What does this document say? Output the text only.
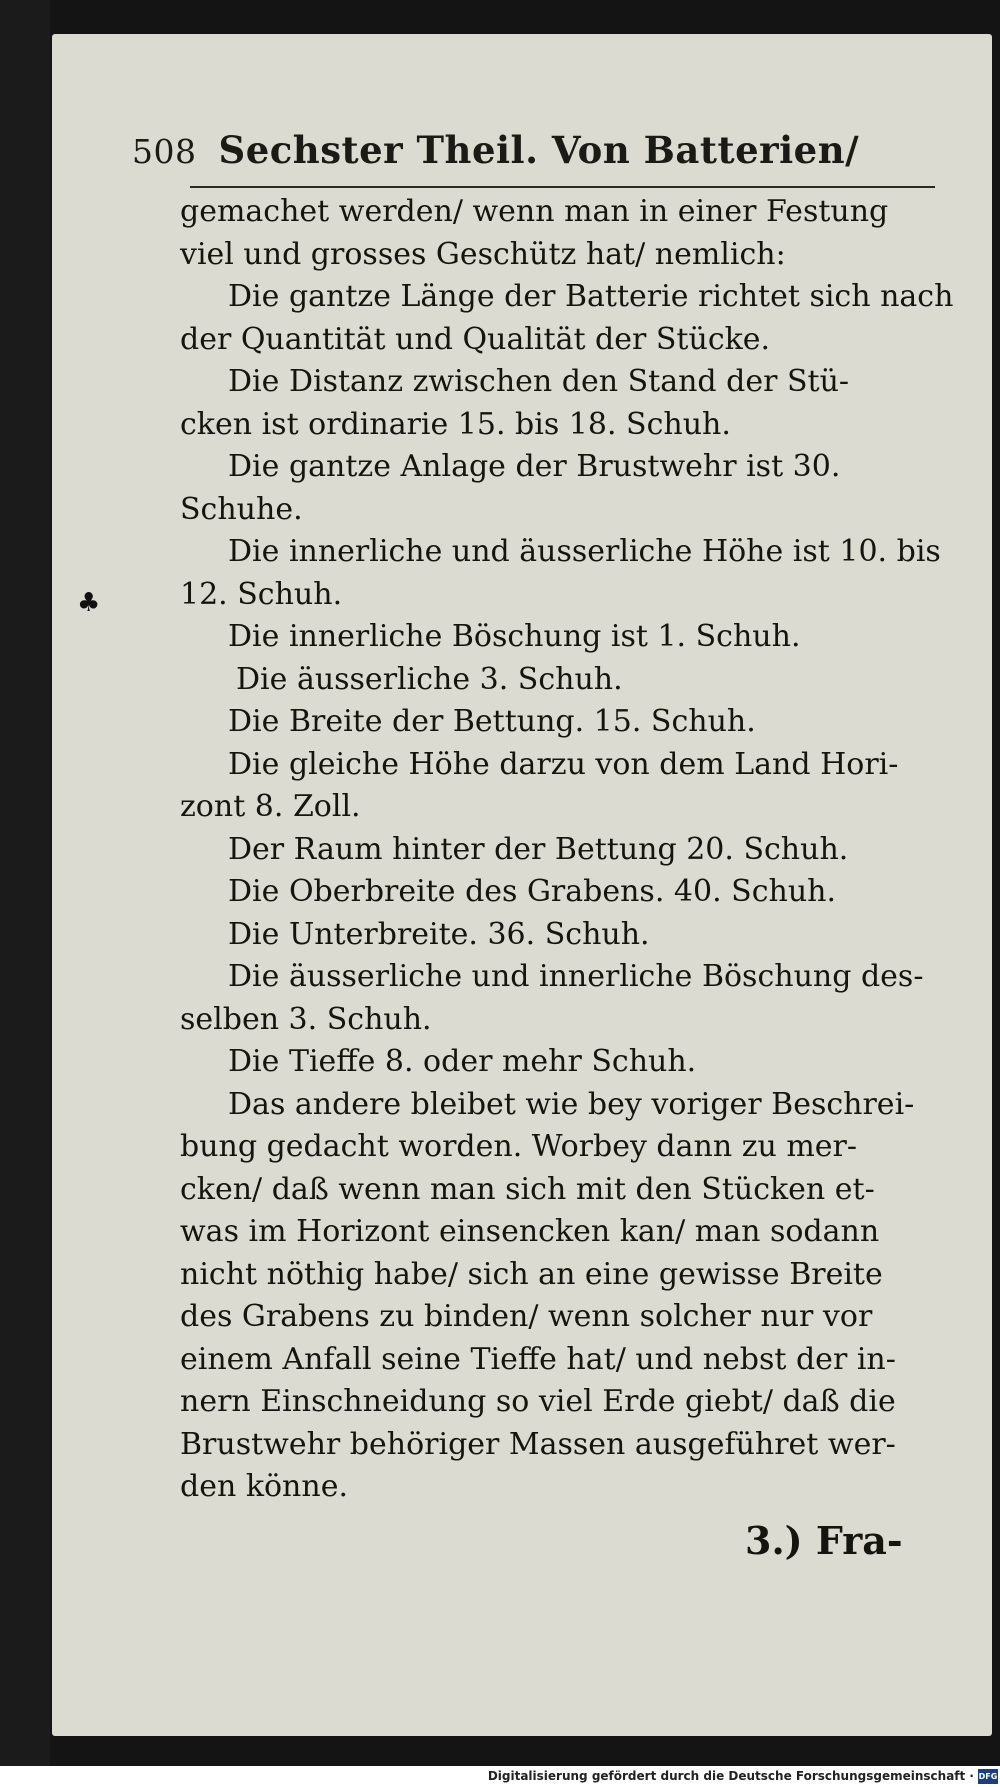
508 Sechster Theil. Von Batterien/
♣
gemachet werden/ wenn man in einer Festung
viel und grosses Geschütz hat/ nemlich:
Die gantze Länge der Batterie richtet sich nach
der Quantität und Qualität der Stücke.
Die Distanz zwischen den Stand der Stü-
cken ist ordinarie 15. bis 18. Schuh.
Die gantze Anlage der Brustwehr ist 30.
Schuhe.
Die innerliche und äusserliche Höhe ist 10. bis
12. Schuh.
Die innerliche Böschung ist 1. Schuh.
Die äusserliche 3. Schuh.
Die Breite der Bettung. 15. Schuh.
Die gleiche Höhe darzu von dem Land Hori-
zont 8. Zoll.
Der Raum hinter der Bettung 20. Schuh.
Die Oberbreite des Grabens. 40. Schuh.
Die Unterbreite. 36. Schuh.
Die äusserliche und innerliche Böschung des-
selben 3. Schuh.
Die Tieffe 8. oder mehr Schuh.
Das andere bleibet wie bey voriger Beschrei-
bung gedacht worden. Worbey dann zu mer-
cken/ daß wenn man sich mit den Stücken et-
was im Horizont einsencken kan/ man sodann
nicht nöthig habe/ sich an eine gewisse Breite
des Grabens zu binden/ wenn solcher nur vor
einem Anfall seine Tieffe hat/ und nebst der in-
nern Einschneidung so viel Erde giebt/ daß die
Brustwehr behöriger Massen ausgeführet wer-
den könne.
3.) Fra-
Digitalisierung gefördert durch die Deutsche Forschungsgemeinschaft · DFG
